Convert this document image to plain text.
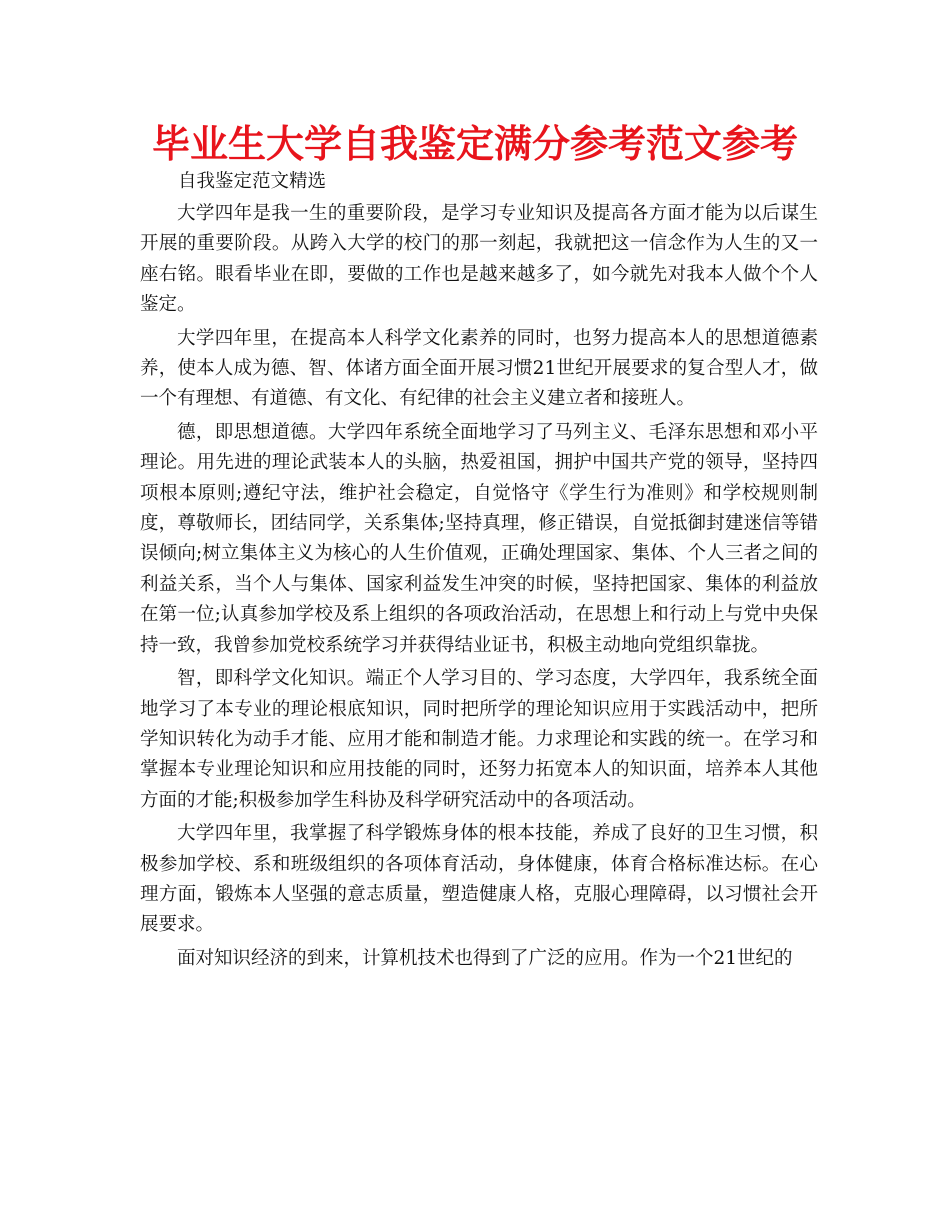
毕业生大学自我鉴定满分参考范文参考
自我鉴定范文精选

大学四年是我一生的重要阶段，是学习专业知识及提高各方面才能为以后谋生开展的重要阶段。从跨入大学的校门的那一刻起，我就把这一信念作为人生的又一座右铭。眼看毕业在即，要做的工作也是越来越多了，如今就先对我本人做个个人鉴定。

大学四年里，在提高本人科学文化素养的同时，也努力提高本人的思想道德素养，使本人成为德、智、体诸方面全面开展习惯21世纪开展要求的复合型人才，做一个有理想、有道德、有文化、有纪律的社会主义建立者和接班人。

德，即思想道德。大学四年系统全面地学习了马列主义、毛泽东思想和邓小平理论。用先进的理论武装本人的头脑，热爱祖国，拥护中国共产党的领导，坚持四项根本原则;遵纪守法，维护社会稳定，自觉恪守《学生行为准则》和学校规则制度，尊敬师长，团结同学，关系集体;坚持真理，修正错误，自觉抵御封建迷信等错误倾向;树立集体主义为核心的人生价值观，正确处理国家、集体、个人三者之间的利益关系，当个人与集体、国家利益发生冲突的时候，坚持把国家、集体的利益放在第一位;认真参加学校及系上组织的各项政治活动，在思想上和行动上与党中央保持一致，我曾参加党校系统学习并获得结业证书，积极主动地向党组织靠拢。

智，即科学文化知识。端正个人学习目的、学习态度，大学四年，我系统全面地学习了本专业的理论根底知识，同时把所学的理论知识应用于实践活动中，把所学知识转化为动手才能、应用才能和制造才能。力求理论和实践的统一。在学习和掌握本专业理论知识和应用技能的同时，还努力拓宽本人的知识面，培养本人其他方面的才能;积极参加学生科协及科学研究活动中的各项活动。

大学四年里，我掌握了科学锻炼身体的根本技能，养成了良好的卫生习惯，积极参加学校、系和班级组织的各项体育活动，身体健康，体育合格标准达标。在心理方面，锻炼本人坚强的意志质量，塑造健康人格，克服心理障碍，以习惯社会开展要求。

面对知识经济的到来，计算机技术也得到了广泛的应用。作为一个21世纪的
